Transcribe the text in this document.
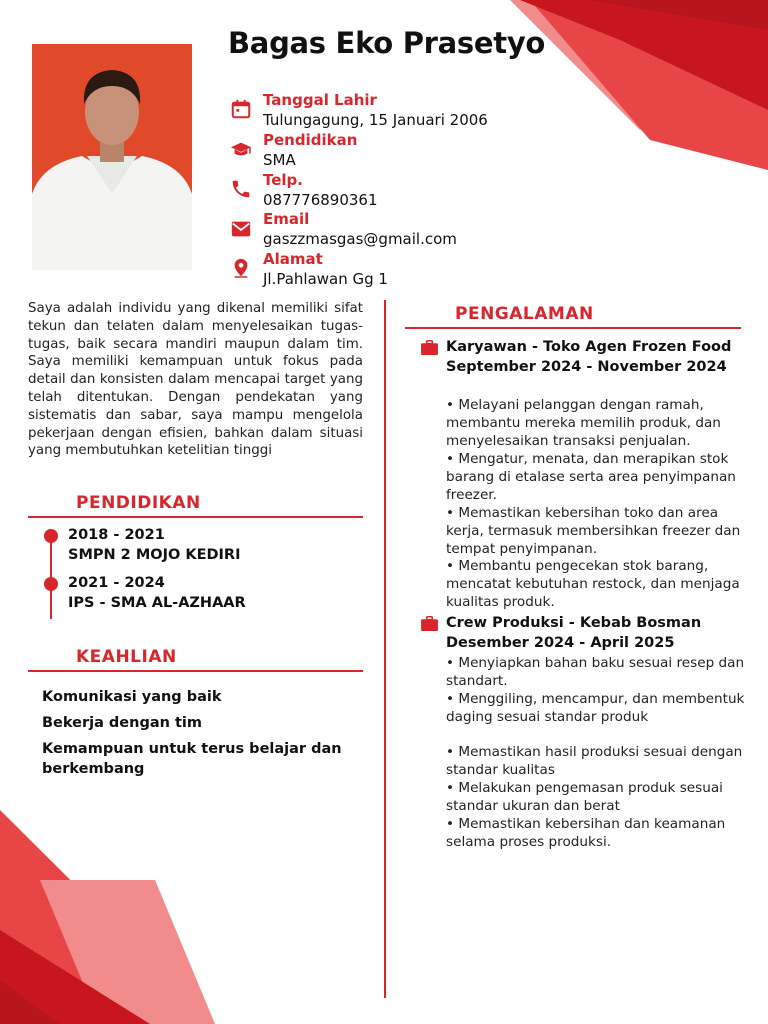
Bagas Eko Prasetyo
Tanggal Lahir
Tulungagung, 15 Januari 2006
Pendidikan
SMA
Telp.
087776890361
Email
gaszzmasgas@gmail.com
Alamat
Jl.Pahlawan Gg 1
Saya adalah individu yang dikenal memiliki sifat tekun dan telaten dalam menyelesaikan tugas-tugas, baik secara mandiri maupun dalam tim. Saya memiliki kemampuan untuk fokus pada detail dan konsisten dalam mencapai target yang telah ditentukan. Dengan pendekatan yang sistematis dan sabar, saya mampu mengelola pekerjaan dengan efisien, bahkan dalam situasi yang membutuhkan ketelitian tinggi
PENDIDIKAN
2018 - 2021
SMPN 2 MOJO KEDIRI
2021 - 2024
IPS - SMA AL-AZHAAR
KEAHLIAN
Komunikasi yang baik
Bekerja dengan tim
Kemampuan untuk terus belajar dan berkembang
PENGALAMAN
Karyawan - Toko Agen Frozen Food
September 2024 - November 2024
• Melayani pelanggan dengan ramah, membantu mereka memilih produk, dan menyelesaikan transaksi penjualan.
• Mengatur, menata, dan merapikan stok barang di etalase serta area penyimpanan freezer.
• Memastikan kebersihan toko dan area kerja, termasuk membersihkan freezer dan tempat penyimpanan.
• Membantu pengecekan stok barang, mencatat kebutuhan restock, dan menjaga kualitas produk.
Crew Produksi - Kebab Bosman
Desember 2024 - April 2025
• Menyiapkan bahan baku sesuai resep dan standart.
• Menggiling, mencampur, dan membentuk daging sesuai standar produk
• Memastikan hasil produksi sesuai dengan standar kualitas
• Melakukan pengemasan produk sesuai standar ukuran dan berat
• Memastikan kebersihan dan keamanan selama proses produksi.
